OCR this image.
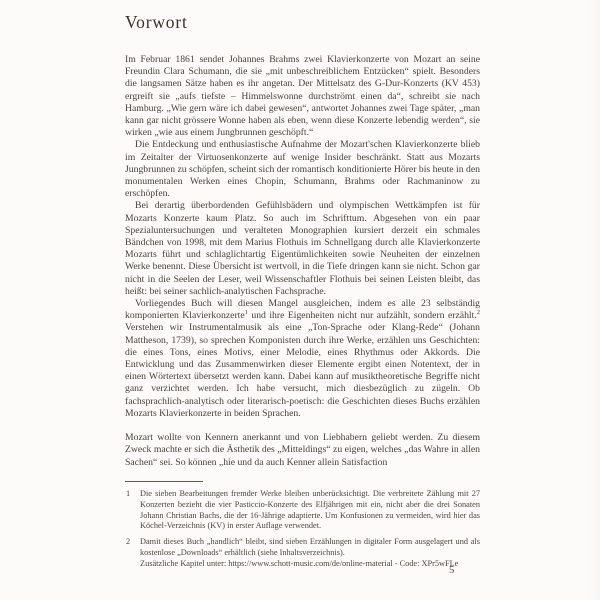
Vorwort

Im Februar 1861 sendet Johannes Brahms zwei Klavierkonzerte von Mozart an seine Freundin Clara Schumann, die sie „mit unbeschreiblichem Entzücken“ spielt. Besonders die langsamen Sätze haben es ihr angetan. Der Mittelsatz des G-Dur-Konzerts (KV 453) ergreift sie „aufs tiefste – Himmelswonne durchströmt einen da“, schreibt sie nach Hamburg. „Wie gern wäre ich dabei gewesen“, antwortet Johannes zwei Tage später, „man kann gar nicht grössere Wonne haben als eben, wenn diese Konzerte lebendig werden“, sie wirken „wie aus einem Jungbrunnen geschöpft.“

Die Entdeckung und enthusiastische Aufnahme der Mozart'schen Klavierkonzerte blieb im Zeitalter der Virtuosenkonzerte auf wenige Insider beschränkt. Statt aus Mozarts Jungbrunnen zu schöpfen, scheint sich der romantisch konditionierte Hörer bis heute in den monumentalen Werken eines Chopin, Schumann, Brahms oder Rachmaninow zu erschöpfen.

Bei derartig überbordenden Gefühlsbädern und olympischen Wettkämpfen ist für Mozarts Konzerte kaum Platz. So auch im Schrifttum. Abgesehen von ein paar Spezialuntersuchungen und veralteten Monographien kursiert derzeit ein schmales Bändchen von 1998, mit dem Marius Flothuis im Schnellgang durch alle Klavierkonzerte Mozarts führt und schlaglichtartig Eigentümlichkeiten sowie Neuheiten der einzelnen Werke benennt. Diese Übersicht ist wertvoll, in die Tiefe dringen kann sie nicht. Schon gar nicht in die Seelen der Leser, weil Wissenschaftler Flothuis bei seinen Leisten bleibt, das heißt: bei seiner sachlich-analytischen Fachsprache.

Vorliegendes Buch will diesen Mangel ausgleichen, indem es alle 23 selbständig komponierten Klavierkonzerte$^1$ und ihre Eigenheiten nicht nur aufzählt, sondern erzählt.$^2$ Verstehen wir Instrumentalmusik als eine „Ton-Sprache oder Klang-Rede“ (Johann Mattheson, 1739), so sprechen Komponisten durch ihre Werke, erzählen uns Geschichten: die eines Tons, eines Motivs, einer Melodie, eines Rhythmus oder Akkords. Die Entwicklung und das Zusammenwirken dieser Elemente ergibt einen Notentext, der in einen Wörtertext übersetzt werden kann. Dabei kann auf musiktheoretische Begriffe nicht ganz verzichtet werden. Ich habe versucht, mich diesbezüglich zu zügeln. Ob fachsprachlich-analytisch oder literarisch-poetisch: die Geschichten dieses Buchs erzählen Mozarts Klavierkonzerte in beiden Sprachen.

Mozart wollte von Kennern anerkannt und von Liebhabern geliebt werden. Zu diesem Zweck machte er sich die Ästhetik des „Mitteldings“ zu eigen, welches „das Wahre in allen Sachen“ sei. So können „hie und da auch Kenner allein Satisfaction

1 Die sieben Bearbeitungen fremder Werke bleiben unberücksichtigt. Die verbreitete Zählung mit 27 Konzerten bezieht die vier Pasticcio-Konzerte des Elfjährigen mit ein, nicht aber die drei Sonaten Johann Christian Bachs, die der 16-Jährige adaptierte. Um Konfusionen zu vermeiden, wird hier das Köchel-Verzeichnis (KV) in erster Auflage verwendet.

2 Damit dieses Buch „handlich“ bleibt, sind sieben Erzählungen in digitaler Form ausgelagert und als kostenlose „Downloads“ erhältlich (siehe Inhaltsverzeichnis).
Zusätzliche Kapitel unter: https://www.schott-music.com/de/online-material - Code: XPr5wFLe

5
